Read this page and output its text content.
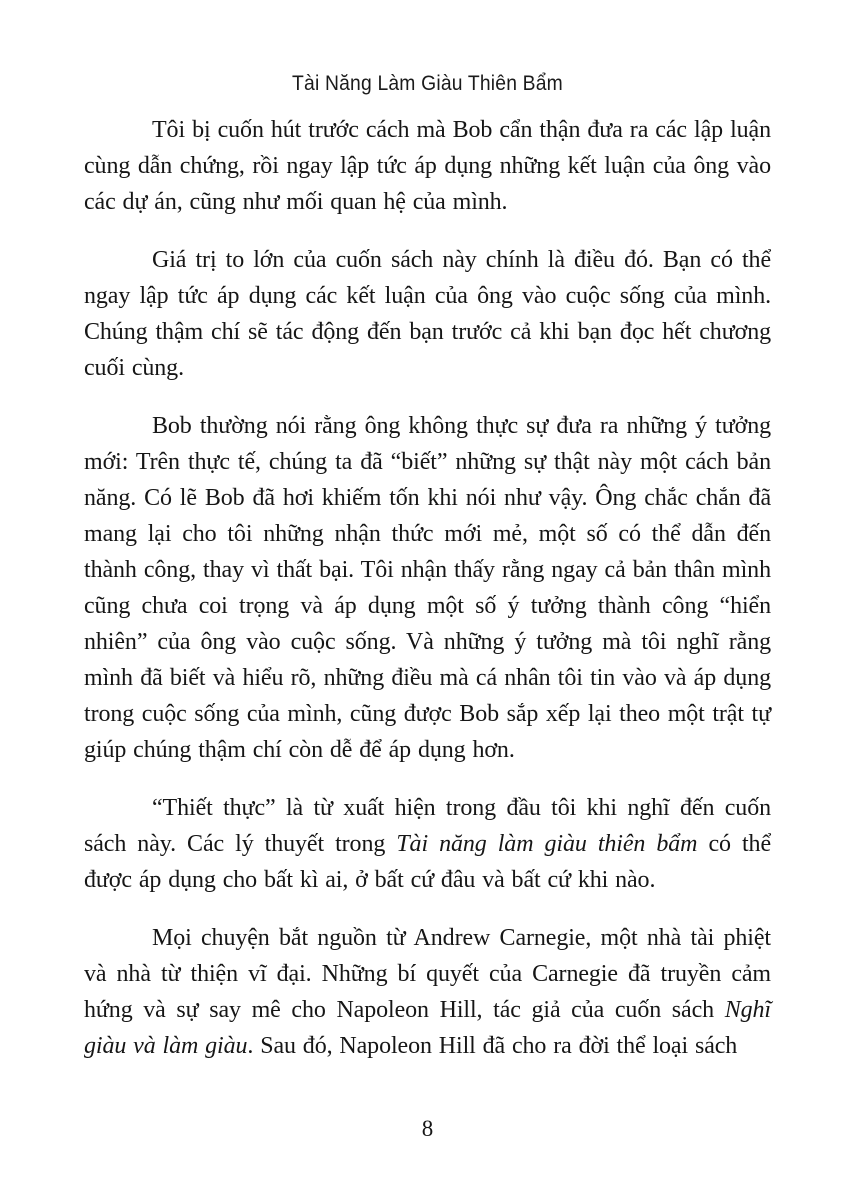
Tài Năng Làm Giàu Thiên Bẩm

Tôi bị cuốn hút trước cách mà Bob cẩn thận đưa ra các lập luận cùng dẫn chứng, rồi ngay lập tức áp dụng những kết luận của ông vào các dự án, cũng như mối quan hệ của mình.

Giá trị to lớn của cuốn sách này chính là điều đó. Bạn có thể ngay lập tức áp dụng các kết luận của ông vào cuộc sống của mình. Chúng thậm chí sẽ tác động đến bạn trước cả khi bạn đọc hết chương cuối cùng.

Bob thường nói rằng ông không thực sự đưa ra những ý tưởng mới: Trên thực tế, chúng ta đã “biết” những sự thật này một cách bản năng. Có lẽ Bob đã hơi khiếm tốn khi nói như vậy. Ông chắc chắn đã mang lại cho tôi những nhận thức mới mẻ, một số có thể dẫn đến thành công, thay vì thất bại. Tôi nhận thấy rằng ngay cả bản thân mình cũng chưa coi trọng và áp dụng một số ý tưởng thành công “hiển nhiên” của ông vào cuộc sống. Và những ý tưởng mà tôi nghĩ rằng mình đã biết và hiểu rõ, những điều mà cá nhân tôi tin vào và áp dụng trong cuộc sống của mình, cũng được Bob sắp xếp lại theo một trật tự giúp chúng thậm chí còn dễ để áp dụng hơn.

“Thiết thực” là từ xuất hiện trong đầu tôi khi nghĩ đến cuốn sách này. Các lý thuyết trong Tài năng làm giàu thiên bẩm có thể được áp dụng cho bất kì ai, ở bất cứ đâu và bất cứ khi nào.

Mọi chuyện bắt nguồn từ Andrew Carnegie, một nhà tài phiệt và nhà từ thiện vĩ đại. Những bí quyết của Carnegie đã truyền cảm hứng và sự say mê cho Napoleon Hill, tác giả của cuốn sách Nghĩ giàu và làm giàu. Sau đó, Napoleon Hill đã cho ra đời thể loại sách

8
